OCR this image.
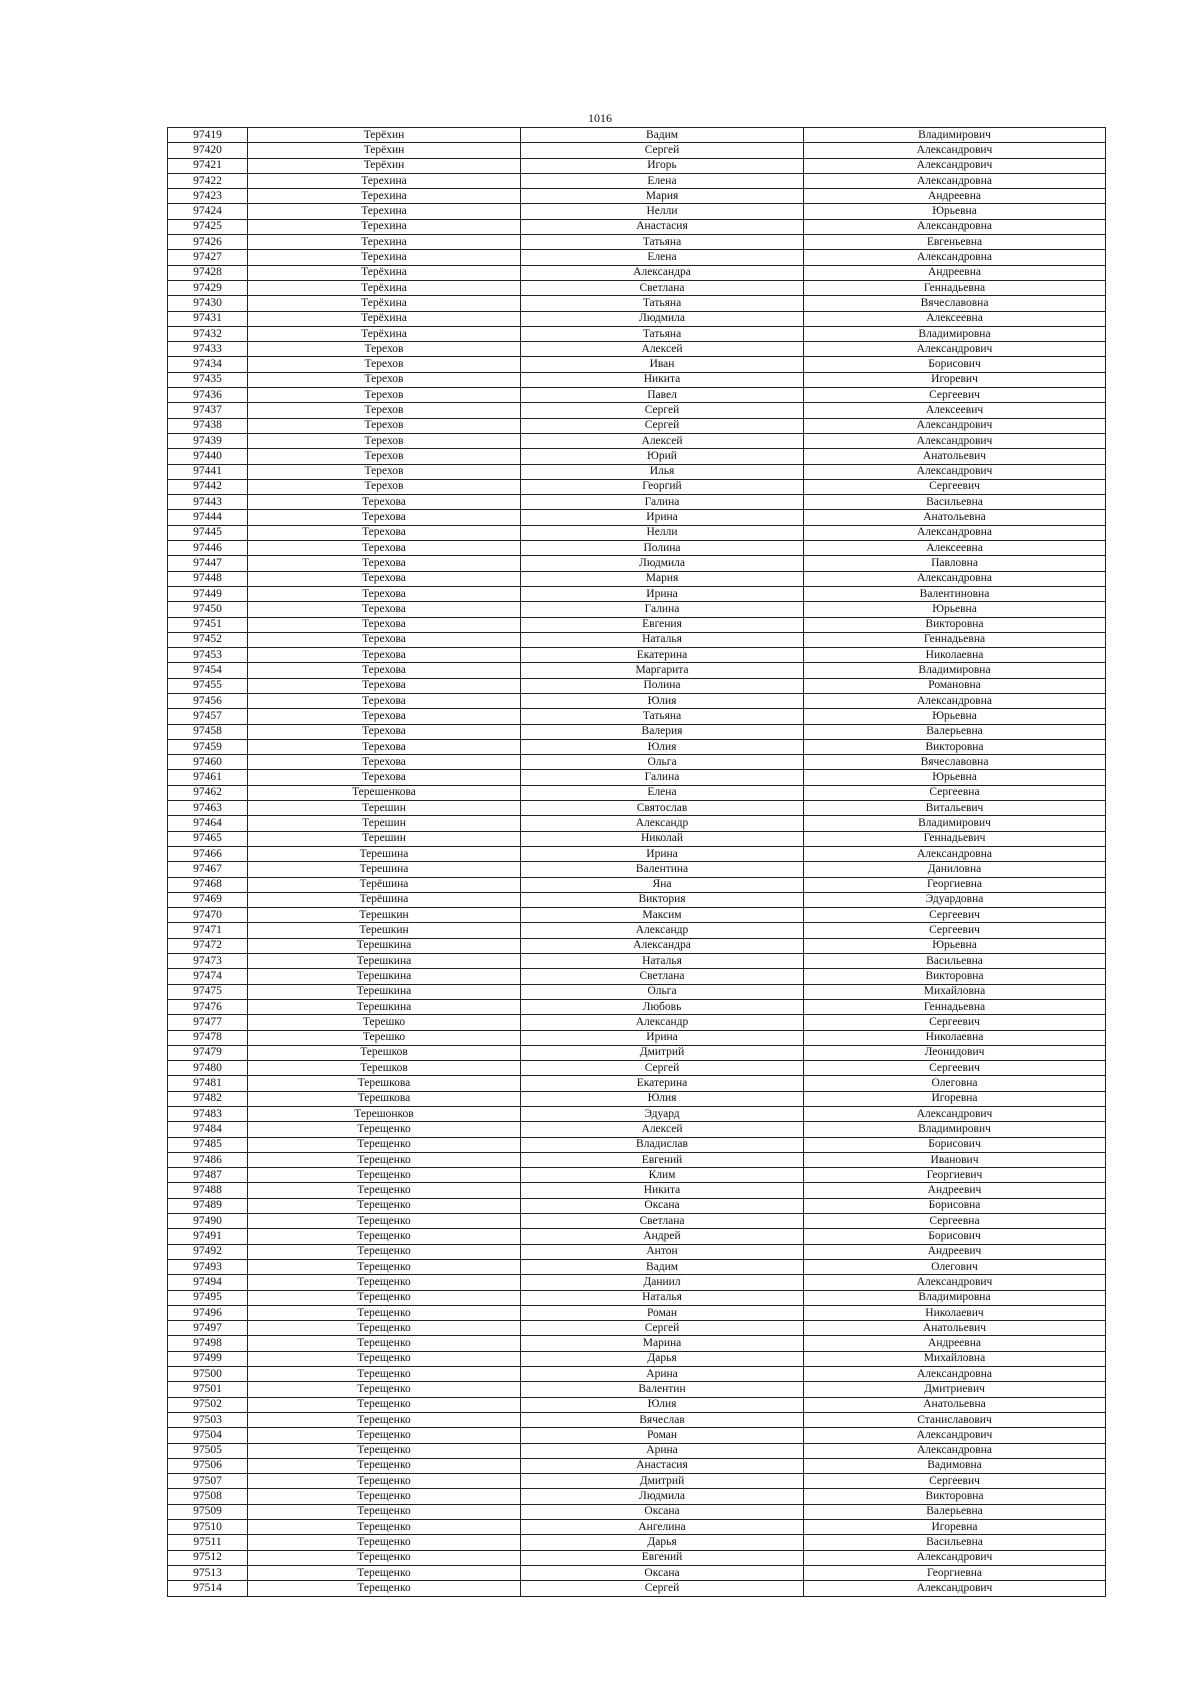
1016
97419	Терёхин	Вадим	Владимирович
97420	Терёхин	Сергей	Александрович
97421	Терёхин	Игорь	Александрович
97422	Терехина	Елена	Александровна
97423	Терехина	Мария	Андреевна
97424	Терехина	Нелли	Юрьевна
97425	Терехина	Анастасия	Александровна
97426	Терехина	Татьяна	Евгеньевна
97427	Терехина	Елена	Александровна
97428	Терёхина	Александра	Андреевна
97429	Терёхина	Светлана	Геннадьевна
97430	Терёхина	Татьяна	Вячеславовна
97431	Терёхина	Людмила	Алексеевна
97432	Терёхина	Татьяна	Владимировна
97433	Терехов	Алексей	Александрович
97434	Терехов	Иван	Борисович
97435	Терехов	Никита	Игоревич
97436	Терехов	Павел	Сергеевич
97437	Терехов	Сергей	Алексеевич
97438	Терехов	Сергей	Александрович
97439	Терехов	Алексей	Александрович
97440	Терехов	Юрий	Анатольевич
97441	Терехов	Илья	Александрович
97442	Терехов	Георгий	Сергеевич
97443	Терехова	Галина	Васильевна
97444	Терехова	Ирина	Анатольевна
97445	Терехова	Нелли	Александровна
97446	Терехова	Полина	Алексеевна
97447	Терехова	Людмила	Павловна
97448	Терехова	Мария	Александровна
97449	Терехова	Ирина	Валентиновна
97450	Терехова	Галина	Юрьевна
97451	Терехова	Евгения	Викторовна
97452	Терехова	Наталья	Геннадьевна
97453	Терехова	Екатерина	Николаевна
97454	Терехова	Маргарита	Владимировна
97455	Терехова	Полина	Романовна
97456	Терехова	Юлия	Александровна
97457	Терехова	Татьяна	Юрьевна
97458	Терехова	Валерия	Валерьевна
97459	Терехова	Юлия	Викторовна
97460	Терехова	Ольга	Вячеславовна
97461	Терехова	Галина	Юрьевна
97462	Терешенкова	Елена	Сергеевна
97463	Терешин	Святослав	Витальевич
97464	Терешин	Александр	Владимирович
97465	Терешин	Николай	Геннадьевич
97466	Терешина	Ирина	Александровна
97467	Терешина	Валентина	Даниловна
97468	Терёшина	Яна	Георгиевна
97469	Терёшина	Виктория	Эдуардовна
97470	Терешкин	Максим	Сергеевич
97471	Терешкин	Александр	Сергеевич
97472	Терешкина	Александра	Юрьевна
97473	Терешкина	Наталья	Васильевна
97474	Терешкина	Светлана	Викторовна
97475	Терешкина	Ольга	Михайловна
97476	Терешкина	Любовь	Геннадьевна
97477	Терешко	Александр	Сергеевич
97478	Терешко	Ирина	Николаевна
97479	Терешков	Дмитрий	Леонидович
97480	Терешков	Сергей	Сергеевич
97481	Терешкова	Екатерина	Олеговна
97482	Терешкова	Юлия	Игоревна
97483	Терешонков	Эдуард	Александрович
97484	Терещенко	Алексей	Владимирович
97485	Терещенко	Владислав	Борисович
97486	Терещенко	Евгений	Иванович
97487	Терещенко	Клим	Георгиевич
97488	Терещенко	Никита	Андреевич
97489	Терещенко	Оксана	Борисовна
97490	Терещенко	Светлана	Сергеевна
97491	Терещенко	Андрей	Борисович
97492	Терещенко	Антон	Андреевич
97493	Терещенко	Вадим	Олегович
97494	Терещенко	Даниил	Александрович
97495	Терещенко	Наталья	Владимировна
97496	Терещенко	Роман	Николаевич
97497	Терещенко	Сергей	Анатольевич
97498	Терещенко	Марина	Андреевна
97499	Терещенко	Дарья	Михайловна
97500	Терещенко	Арина	Александровна
97501	Терещенко	Валентин	Дмитриевич
97502	Терещенко	Юлия	Анатольевна
97503	Терещенко	Вячеслав	Станиславович
97504	Терещенко	Роман	Александрович
97505	Терещенко	Арина	Александровна
97506	Терещенко	Анастасия	Вадимовна
97507	Терещенко	Дмитрий	Сергеевич
97508	Терещенко	Людмила	Викторовна
97509	Терещенко	Оксана	Валерьевна
97510	Терещенко	Ангелина	Игоревна
97511	Терещенко	Дарья	Васильевна
97512	Терещенко	Евгений	Александрович
97513	Терещенко	Оксана	Георгиевна
97514	Терещенко	Сергей	Александрович
